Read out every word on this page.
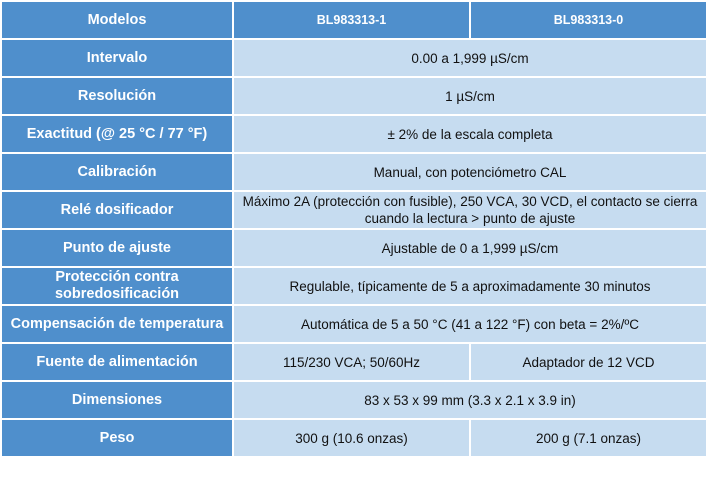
Modelos	BL983313-1	BL983313-0
Intervalo	0.00 a 1,999 µS/cm	
Resolución	1 µS/cm	
Exactitud (@ 25 °C / 77 °F)	± 2% de la escala completa	
Calibración	Manual, con potenciómetro CAL	
Relé dosificador	Máximo 2A (protección con fusible), 250 VCA, 30 VCD, el contacto se cierra cuando la lectura > punto de ajuste	
Punto de ajuste	Ajustable de 0 a 1,999 µS/cm	
Protección contra sobredosificación	Regulable, típicamente de 5 a aproximadamente 30 minutos	
Compensación de temperatura	Automática de 5 a 50 °C (41 a 122 °F) con beta = 2%/ºC	
Fuente de alimentación	115/230 VCA; 50/60Hz	Adaptador de 12 VCD
Dimensiones	83 x 53 x 99 mm (3.3 x 2.1 x 3.9 in)	
Peso	300 g (10.6 onzas)	200 g (7.1 onzas)
